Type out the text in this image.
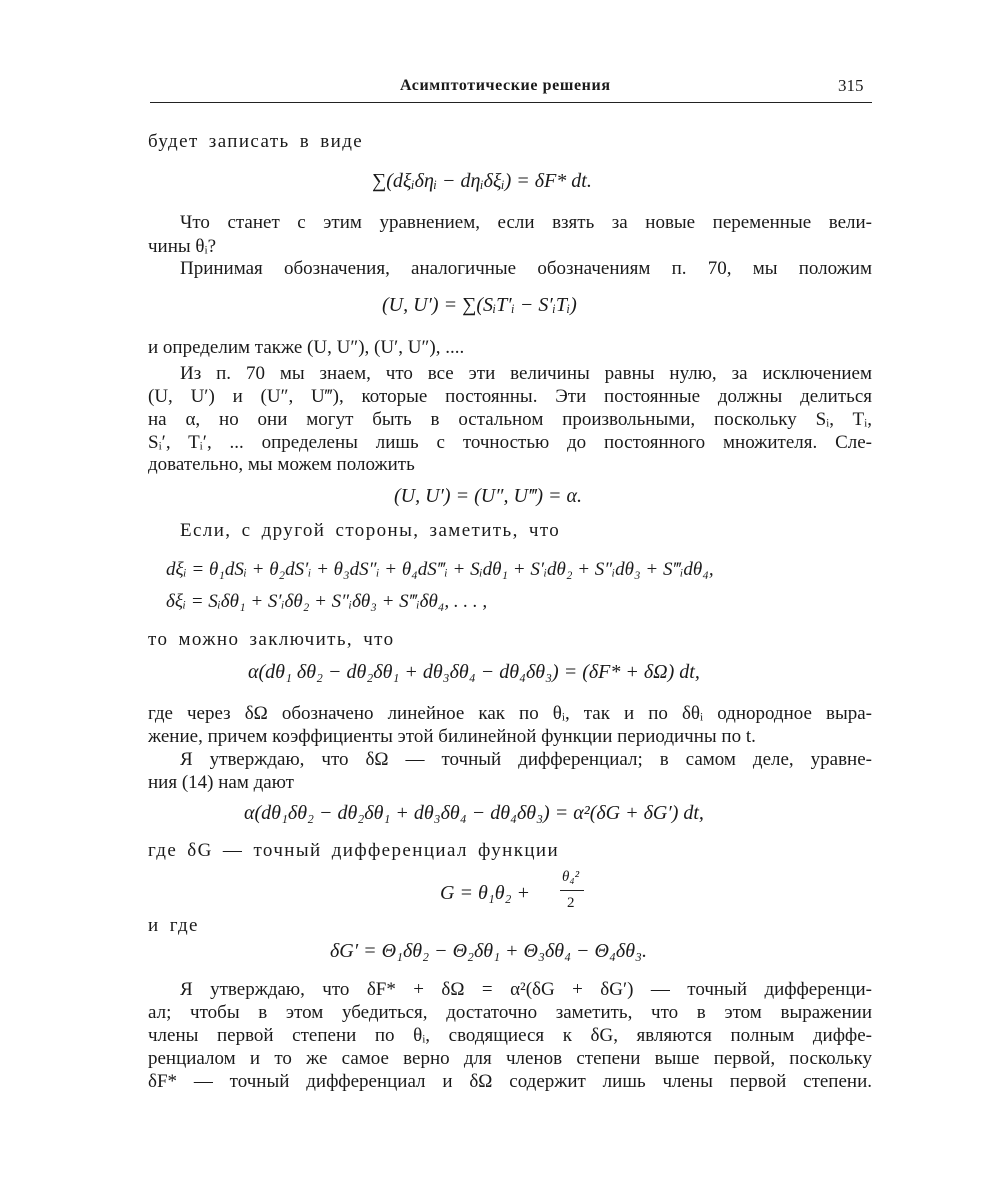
Асимптотические решения	315
будет записать в виде
∑(dξᵢδηᵢ − dηᵢδξᵢ) = δF* dt.
Что станет с этим уравнением, если взять за новые переменные вели-
чины θᵢ?
Принимая обозначения, аналогичные обозначениям п. 70, мы положим
(U, U′) = ∑(SᵢT′ᵢ − S′ᵢTᵢ)
и определим также (U, U″), (U′, U″), ....
Из п. 70 мы знаем, что все эти величины равны нулю, за исключением
(U, U′) и (U″, U‴), которые постоянны. Эти постоянные должны делиться
на α, но они могут быть в остальном произвольными, поскольку Sᵢ, Tᵢ,
Sᵢ′, Tᵢ′, ... определены лишь с точностью до постоянного множителя. Сле-
довательно, мы можем положить
(U, U′) = (U″, U‴) = α.
Если, с другой стороны, заметить, что
dξᵢ = θ₁dSᵢ + θ₂dS′ᵢ + θ₃dS″ᵢ + θ₄dS‴ᵢ + Sᵢdθ₁ + S′ᵢdθ₂ + S″ᵢdθ₃ + S‴ᵢdθ₄,
δξᵢ = Sᵢδθ₁ + S′ᵢδθ₂ + S″ᵢδθ₃ + S‴ᵢδθ₄, . . . ,
то можно заключить, что
α(dθ₁ δθ₂ − dθ₂δθ₁ + dθ₃δθ₄ − dθ₄δθ₃) = (δF* + δΩ) dt,
где через δΩ обозначено линейное как по θᵢ, так и по δθᵢ однородное выра-
жение, причем коэффициенты этой билинейной функции периодичны по t.
Я утверждаю, что δΩ — точный дифференциал; в самом деле, уравне-
ния (14) нам дают
α(dθ₁δθ₂ − dθ₂δθ₁ + dθ₃δθ₄ − dθ₄δθ₃) = α²(δG + δG′) dt,
где δG — точный дифференциал функции
G = θ₁θ₂ +
θ₄²
2
и где
δG′ = Θ₁δθ₂ − Θ₂δθ₁ + Θ₃δθ₄ − Θ₄δθ₃.
Я утверждаю, что δF* + δΩ = α²(δG + δG′) — точный дифференци-
ал; чтобы в этом убедиться, достаточно заметить, что в этом выражении
члены первой степени по θᵢ, сводящиеся к δG, являются полным диффе-
ренциалом и то же самое верно для членов степени выше первой, поскольку
δF* — точный дифференциал и δΩ содержит лишь члены первой степени.
